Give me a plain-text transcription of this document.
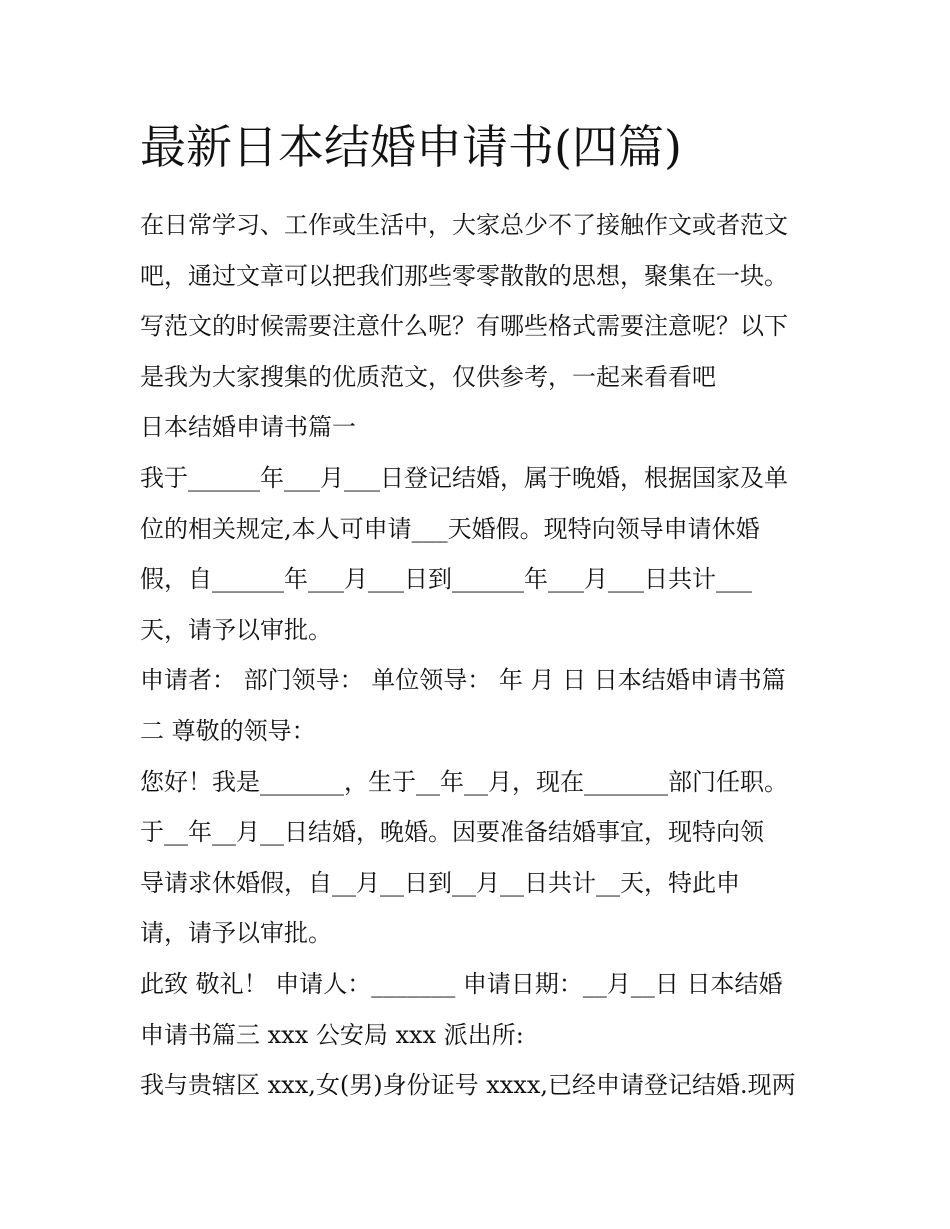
最新日本结婚申请书(四篇)
在日常学习、工作或生活中，大家总少不了接触作文或者范文
吧，通过文章可以把我们那些零零散散的思想，聚集在一块。
写范文的时候需要注意什么呢？有哪些格式需要注意呢？以下
是我为大家搜集的优质范文，仅供参考，一起来看看吧
日本结婚申请书篇一
我于______年___月___日登记结婚，属于晚婚，根据国家及单
位的相关规定,本人可申请___天婚假。现特向领导申请休婚
假，自______年___月___日到______年___月___日共计___
天，请予以审批。
申请者： 部门领导： 单位领导： 年 月 日 日本结婚申请书篇
二 尊敬的领导：
您好！我是_______，生于__年__月，现在_______部门任职。
于__年__月__日结婚，晚婚。因要准备结婚事宜，现特向领
导请求休婚假，自__月__日到__月__日共计__天，特此申
请，请予以审批。
此致 敬礼！ 申请人：_______ 申请日期：__月__日 日本结婚
申请书篇三 xxx 公安局 xxx 派出所:
我与贵辖区 xxx,女(男)身份证号 xxxx,已经申请登记结婚.现两
